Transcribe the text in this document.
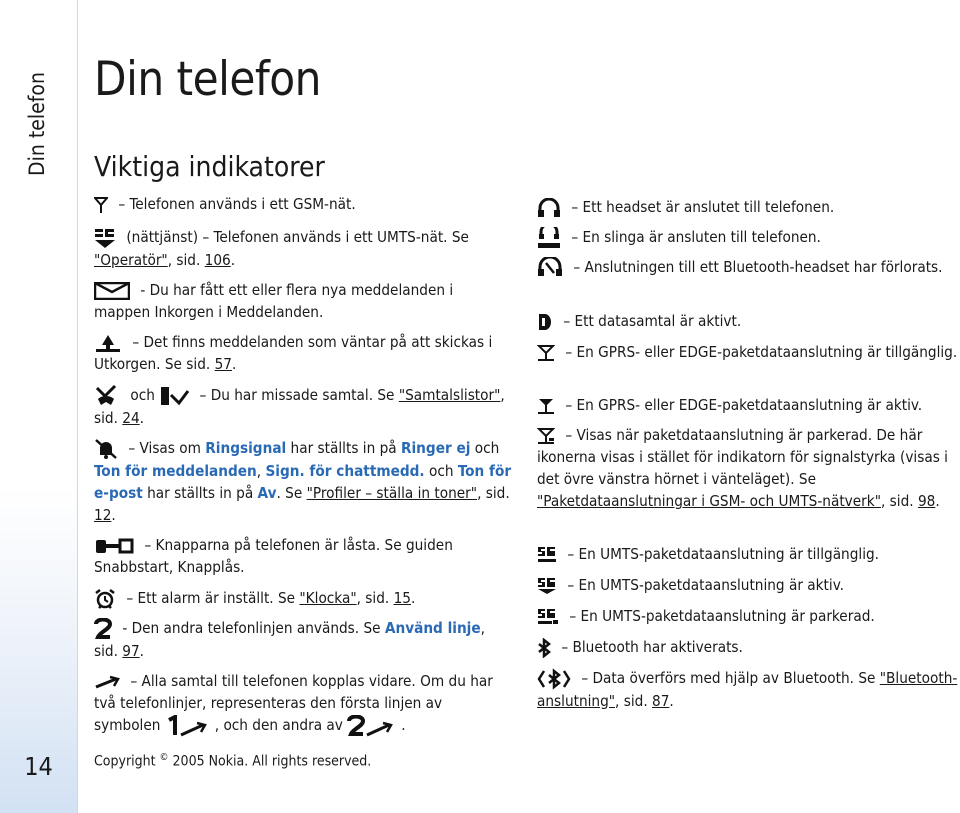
Din telefon
14
Din telefon
Viktiga indikatorer
– Telefonen används i ett GSM-nät.
(nättjänst) – Telefonen används i ett UMTS-nät. Se "Operatör", sid. 106.
- Du har fått ett eller flera nya meddelanden i mappen Inkorgen i Meddelanden.
– Det finns meddelanden som väntar på att skickas i Utkorgen. Se sid. 57.
och
– Du har missade samtal. Se "Samtalslistor", sid. 24.
– Visas om Ringsignal har ställts in på Ringer ej och Ton för meddelanden, Sign. för chattmedd. och Ton för e-post har ställts in på Av. Se "Profiler – ställa in toner", sid. 12.
– Knapparna på telefonen är låsta. Se guiden Snabbstart, Knapplås.
– Ett alarm är inställt. Se "Klocka", sid. 15.
- Den andra telefonlinjen används. Se Använd linje, sid. 97.
– Alla samtal till telefonen kopplas vidare. Om du har två telefonlinjer, representeras den första linjen av symbolen	, och den andra av	.
– Ett headset är anslutet till telefonen.
– En slinga är ansluten till telefonen.
– Anslutningen till ett Bluetooth-headset har förlorats.
– Ett datasamtal är aktivt.
– En GPRS- eller EDGE-paketdataanslutning är tillgänglig.
– En GPRS- eller EDGE-paketdataanslutning är aktiv.
– Visas när paketdataanslutning är parkerad. De här ikonerna visas i stället för indikatorn för signalstyrka (visas i det övre vänstra hörnet i vänteläget). Se "Paketdataanslutningar i GSM- och UMTS-nätverk", sid. 98.
– En UMTS-paketdataanslutning är tillgänglig.
– En UMTS-paketdataanslutning är aktiv.
– En UMTS-paketdataanslutning är parkerad.
– Bluetooth har aktiverats.
– Data överförs med hjälp av Bluetooth. Se "Bluetooth-anslutning", sid. 87.
Copyright © 2005 Nokia. All rights reserved.
